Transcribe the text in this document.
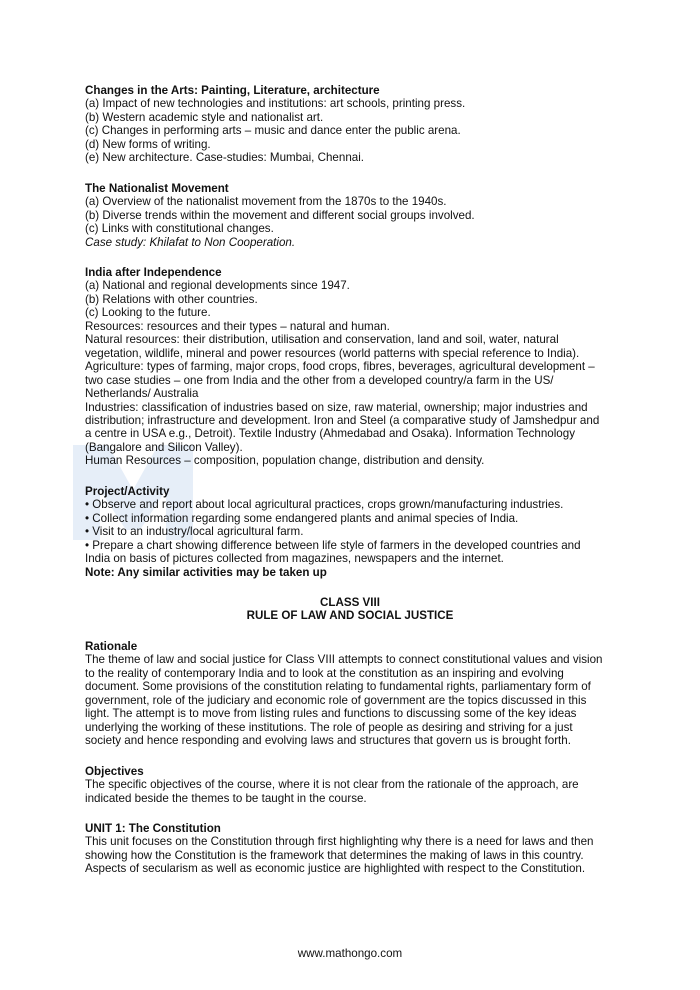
Changes in the Arts: Painting, Literature, architecture
(a) Impact of new technologies and institutions: art schools, printing press.
(b) Western academic style and nationalist art.
(c) Changes in performing arts – music and dance enter the public arena.
(d) New forms of writing.
(e) New architecture. Case-studies: Mumbai, Chennai.
The Nationalist Movement
(a) Overview of the nationalist movement from the 1870s to the 1940s.
(b) Diverse trends within the movement and different social groups involved.
(c) Links with constitutional changes.
Case study: Khilafat to Non Cooperation.
India after Independence
(a) National and regional developments since 1947.
(b) Relations with other countries.
(c) Looking to the future.
Resources: resources and their types – natural and human.
Natural resources: their distribution, utilisation and conservation, land and soil, water, natural
vegetation, wildlife, mineral and power resources (world patterns with special reference to India).
Agriculture: types of farming, major crops, food crops, fibres, beverages, agricultural development –
two case studies – one from India and the other from a developed country/a farm in the US/
Netherlands/ Australia
Industries: classification of industries based on size, raw material, ownership; major industries and
distribution; infrastructure and development. Iron and Steel (a comparative study of Jamshedpur and
a centre in USA e.g., Detroit). Textile Industry (Ahmedabad and Osaka). Information Technology
(Bangalore and Silicon Valley).
Human Resources – composition, population change, distribution and density.
Project/Activity
• Observe and report about local agricultural practices, crops grown/manufacturing industries.
• Collect information regarding some endangered plants and animal species of India.
• Visit to an industry/local agricultural farm.
• Prepare a chart showing difference between life style of farmers in the developed countries and
India on basis of pictures collected from magazines, newspapers and the internet.
Note: Any similar activities may be taken up
CLASS VIII
RULE OF LAW AND SOCIAL JUSTICE
Rationale
The theme of law and social justice for Class VIII attempts to connect constitutional values and vision
to the reality of contemporary India and to look at the constitution as an inspiring and evolving
document. Some provisions of the constitution relating to fundamental rights, parliamentary form of
government, role of the judiciary and economic role of government are the topics discussed in this
light. The attempt is to move from listing rules and functions to discussing some of the key ideas
underlying the working of these institutions. The role of people as desiring and striving for a just
society and hence responding and evolving laws and structures that govern us is brought forth.
Objectives
The specific objectives of the course, where it is not clear from the rationale of the approach, are
indicated beside the themes to be taught in the course.
UNIT 1: The Constitution
This unit focuses on the Constitution through first highlighting why there is a need for laws and then
showing how the Constitution is the framework that determines the making of laws in this country.
Aspects of secularism as well as economic justice are highlighted with respect to the Constitution.
www.mathongo.com
